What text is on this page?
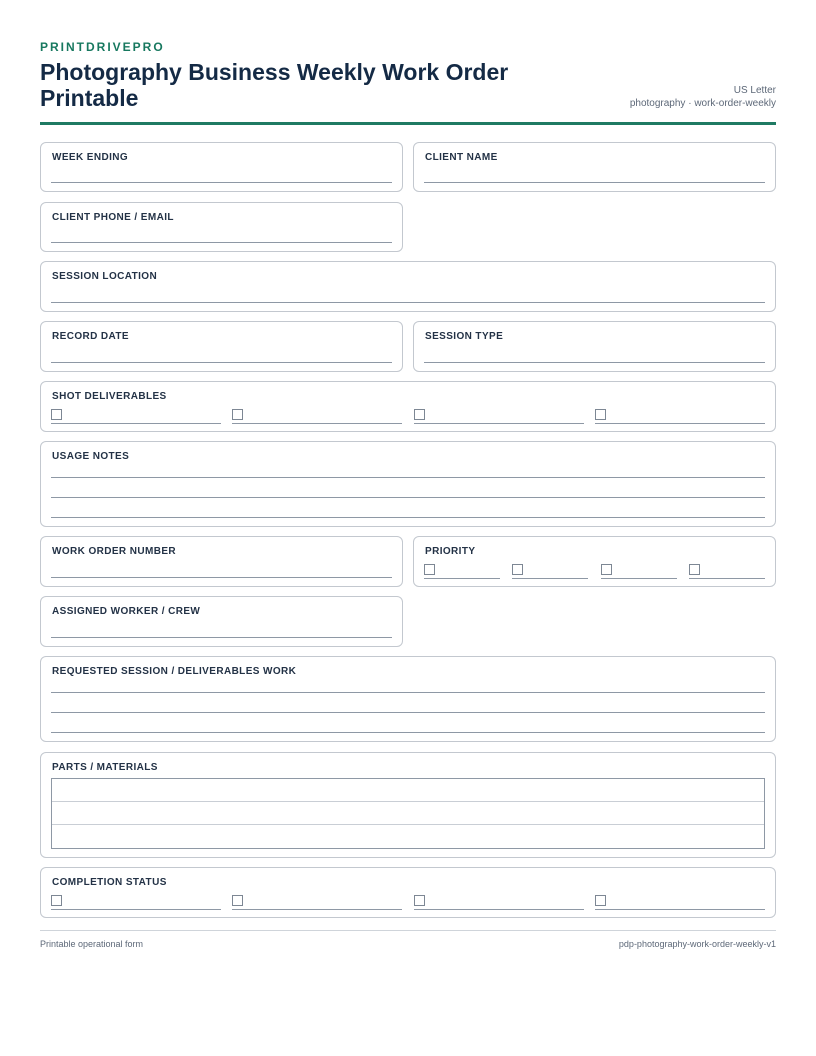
PRINTDRIVEPRO
Photography Business Weekly Work Order Printable	US Letter
photography · work-order-weekly
WEEK ENDING	CLIENT NAME
CLIENT PHONE / EMAIL
SESSION LOCATION
RECORD DATE	SESSION TYPE
SHOT DELIVERABLES
USAGE NOTES
WORK ORDER NUMBER	PRIORITY
ASSIGNED WORKER / CREW
REQUESTED SESSION / DELIVERABLES WORK
PARTS / MATERIALS
COMPLETION STATUS
Printable operational form	pdp-photography-work-order-weekly-v1
